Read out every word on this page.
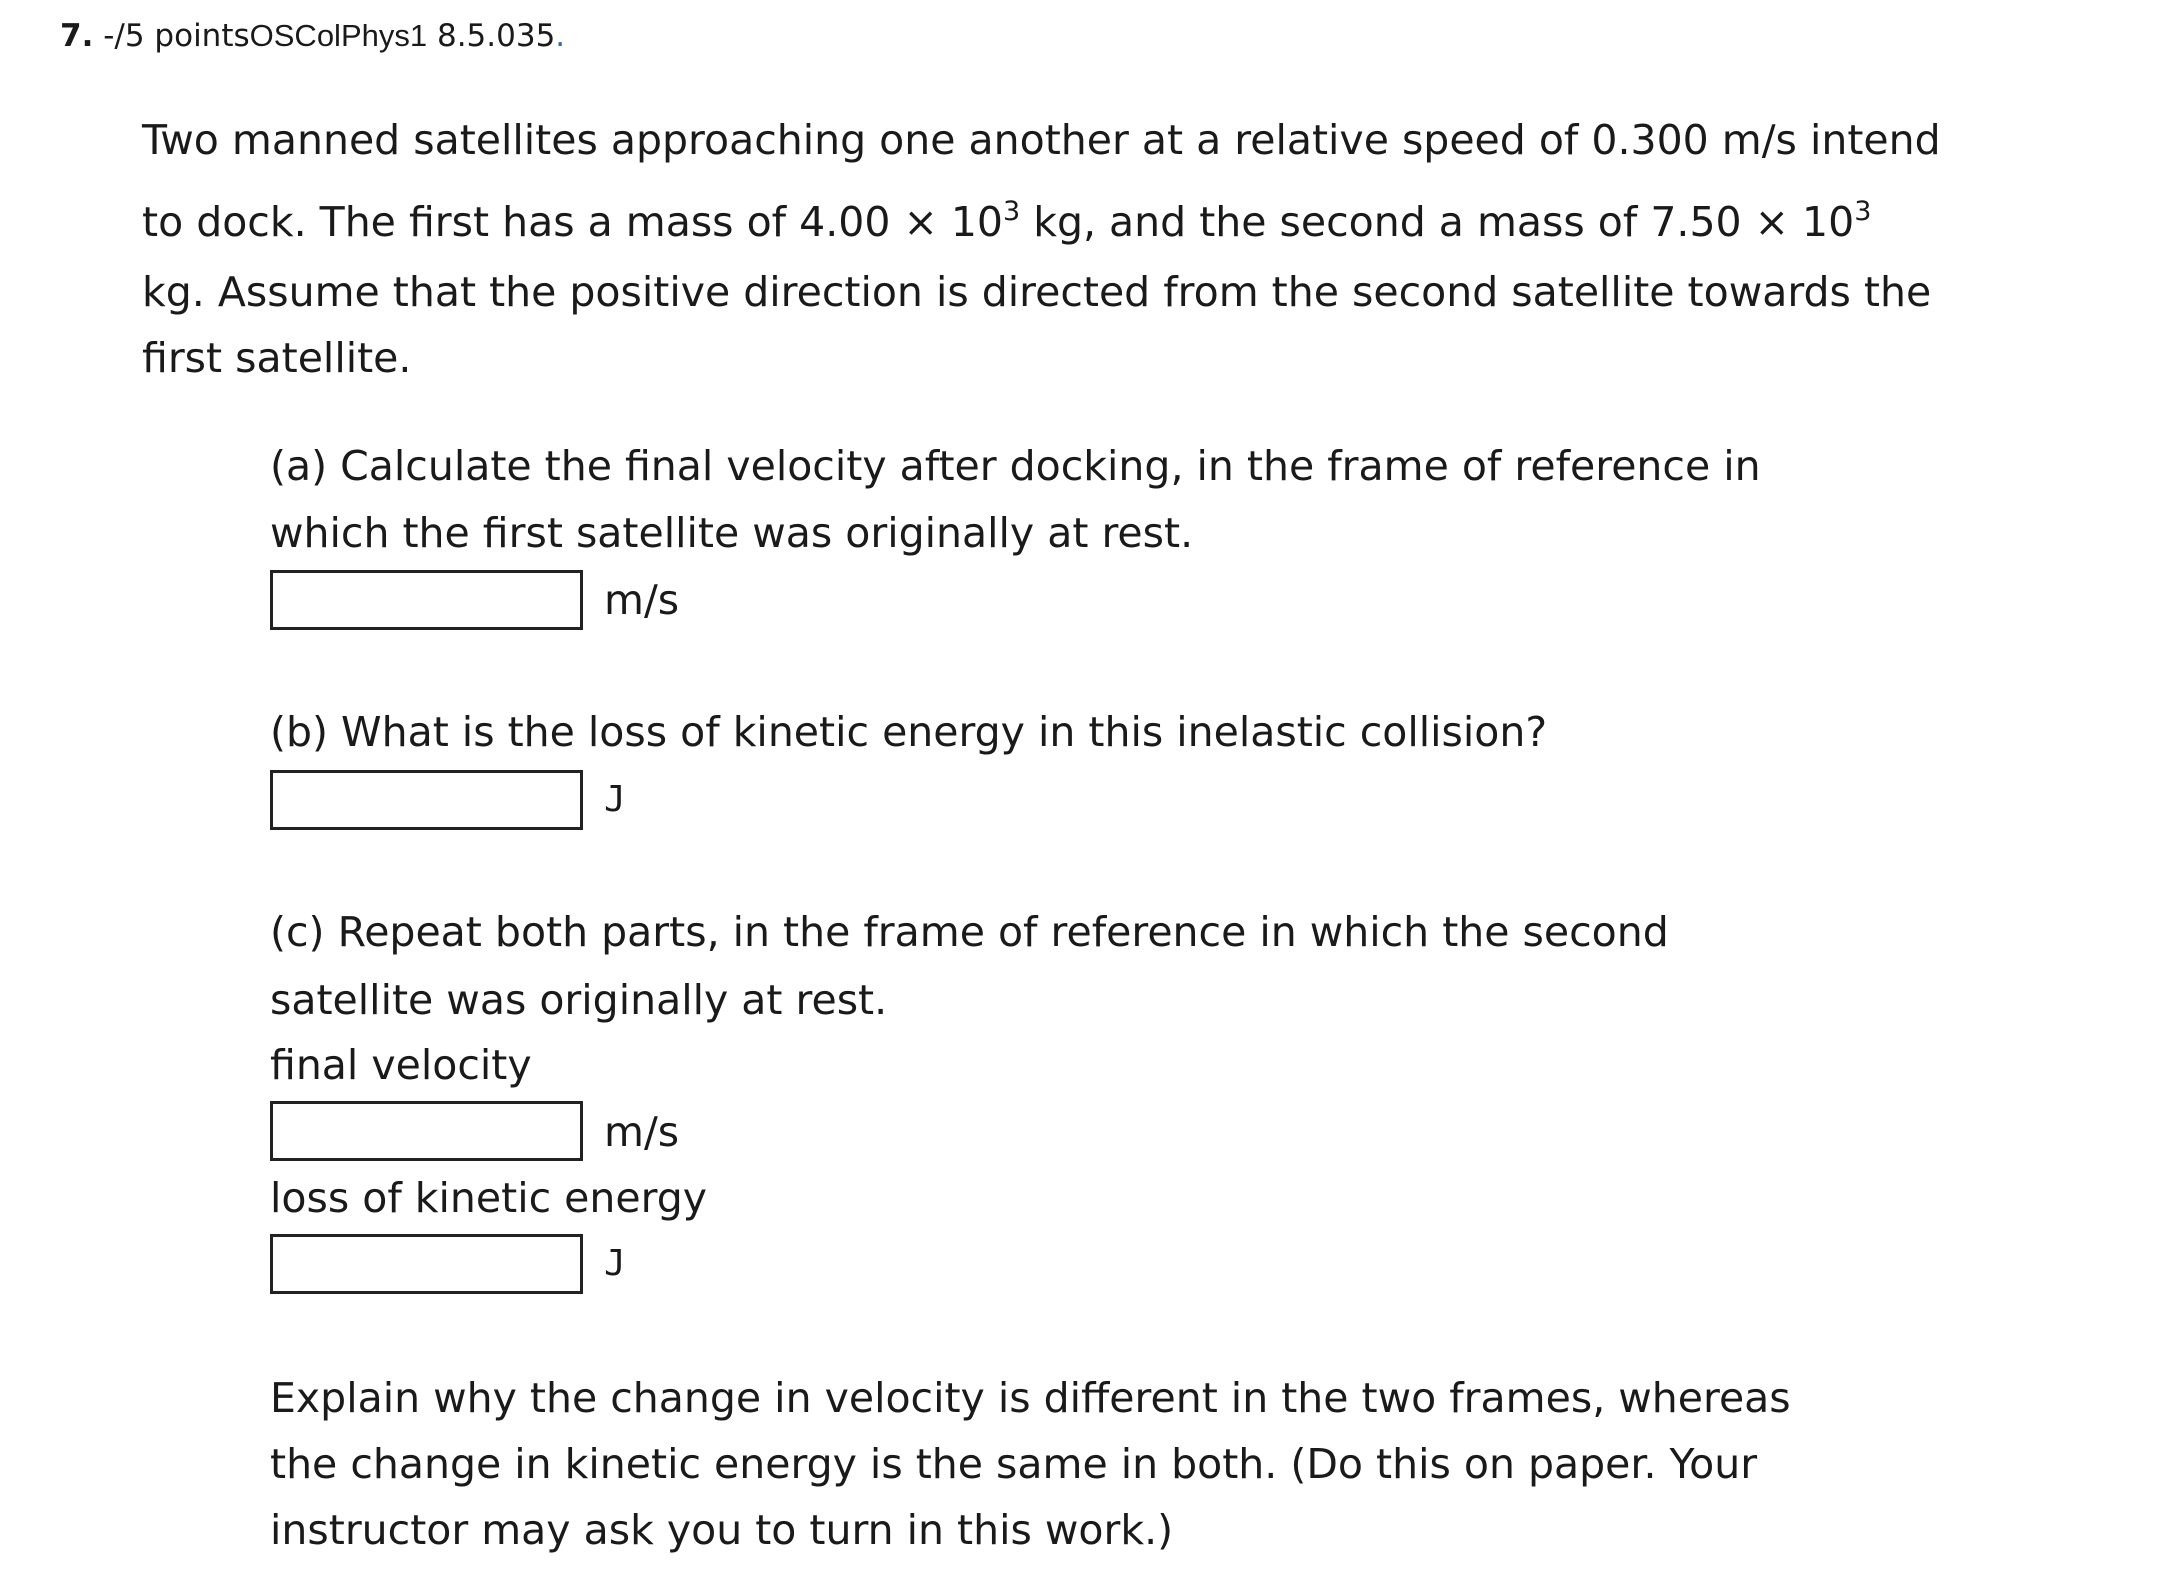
7. -/5 pointsOSColPhys1 8.5.035.
Two manned satellites approaching one another at a relative speed of 0.300 m/s intend
to dock. The first has a mass of $4.00 \times 10^3$ kg, and the second a mass of $7.50 \times 10^3$
kg. Assume that the positive direction is directed from the second satellite towards the
first satellite.
(a) Calculate the final velocity after docking, in the frame of reference in
which the first satellite was originally at rest.
m/s
(b) What is the loss of kinetic energy in this inelastic collision?
J
(c) Repeat both parts, in the frame of reference in which the second
satellite was originally at rest.
final velocity
m/s
loss of kinetic energy
J
Explain why the change in velocity is different in the two frames, whereas
the change in kinetic energy is the same in both. (Do this on paper. Your
instructor may ask you to turn in this work.)
